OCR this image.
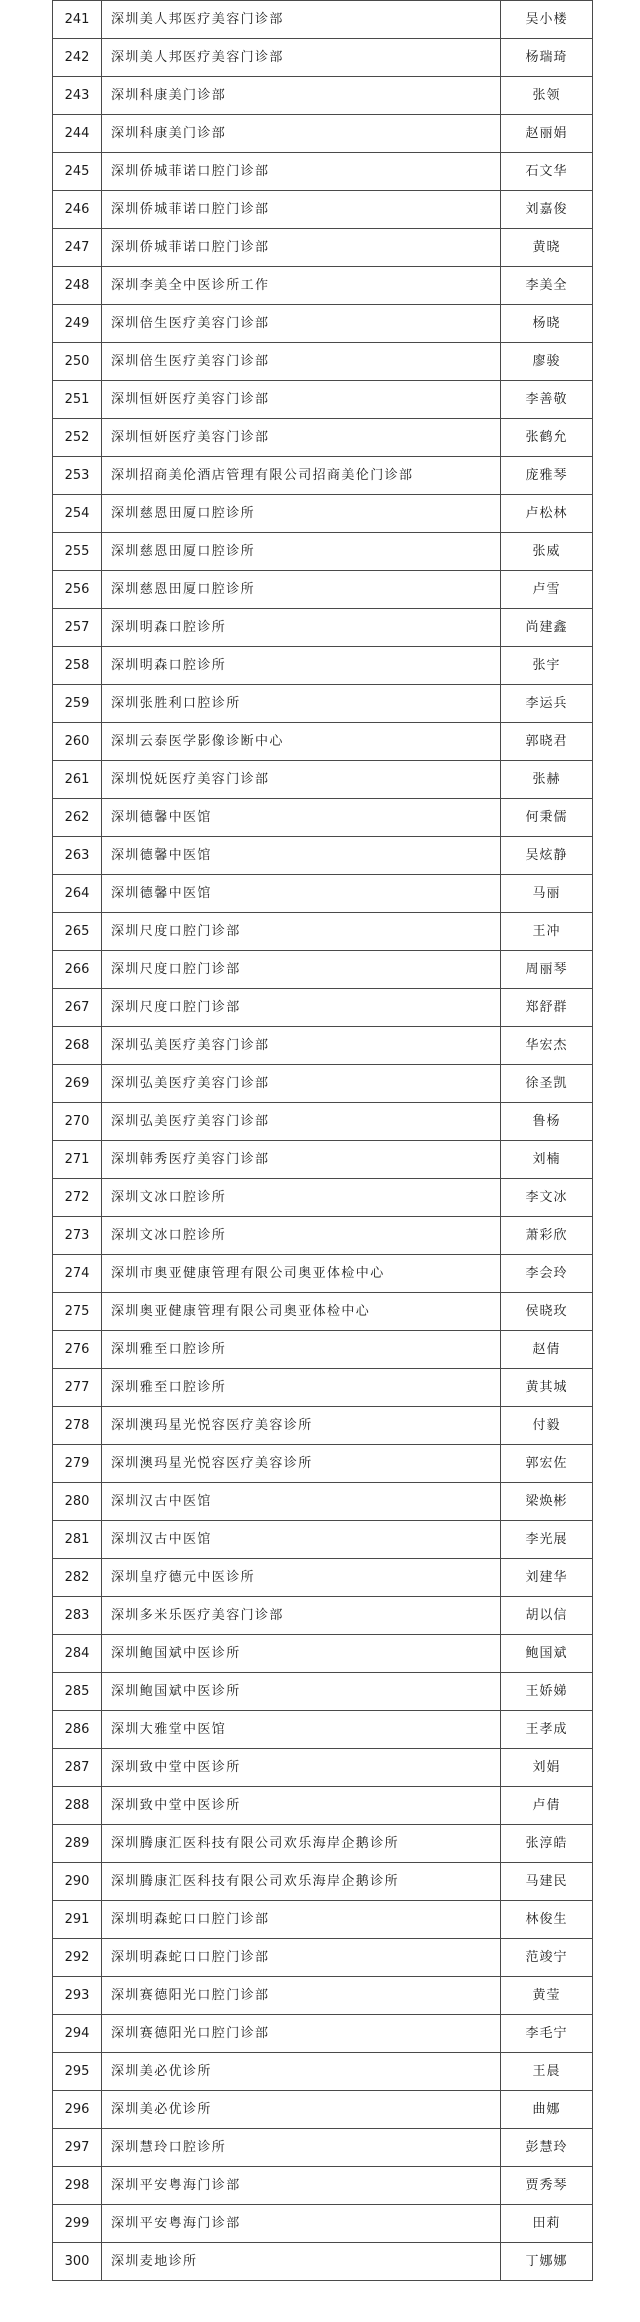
241	深圳美人邦医疗美容门诊部	吴小楼
242	深圳美人邦医疗美容门诊部	杨瑞琦
243	深圳科康美门诊部	张领
244	深圳科康美门诊部	赵丽娟
245	深圳侨城菲诺口腔门诊部	石文华
246	深圳侨城菲诺口腔门诊部	刘嘉俊
247	深圳侨城菲诺口腔门诊部	黄晓
248	深圳李美全中医诊所工作	李美全
249	深圳倍生医疗美容门诊部	杨晓
250	深圳倍生医疗美容门诊部	廖骏
251	深圳恒妍医疗美容门诊部	李善敬
252	深圳恒妍医疗美容门诊部	张鹤允
253	深圳招商美伦酒店管理有限公司招商美伦门诊部	庞雅琴
254	深圳慈恩田厦口腔诊所	卢松林
255	深圳慈恩田厦口腔诊所	张威
256	深圳慈恩田厦口腔诊所	卢雪
257	深圳明森口腔诊所	尚建鑫
258	深圳明森口腔诊所	张宇
259	深圳张胜利口腔诊所	李运兵
260	深圳云泰医学影像诊断中心	郭晓君
261	深圳悦妩医疗美容门诊部	张赫
262	深圳德馨中医馆	何秉儒
263	深圳德馨中医馆	吴炫静
264	深圳德馨中医馆	马丽
265	深圳尺度口腔门诊部	王冲
266	深圳尺度口腔门诊部	周丽琴
267	深圳尺度口腔门诊部	郑舒群
268	深圳弘美医疗美容门诊部	华宏杰
269	深圳弘美医疗美容门诊部	徐圣凯
270	深圳弘美医疗美容门诊部	鲁杨
271	深圳韩秀医疗美容门诊部	刘楠
272	深圳文冰口腔诊所	李文冰
273	深圳文冰口腔诊所	萧彩欣
274	深圳市奥亚健康管理有限公司奥亚体检中心	李会玲
275	深圳奥亚健康管理有限公司奥亚体检中心	侯晓玫
276	深圳雅至口腔诊所	赵倩
277	深圳雅至口腔诊所	黄其城
278	深圳澳玛星光悦容医疗美容诊所	付毅
279	深圳澳玛星光悦容医疗美容诊所	郭宏佐
280	深圳汉古中医馆	梁焕彬
281	深圳汉古中医馆	李光展
282	深圳皇疗德元中医诊所	刘建华
283	深圳多米乐医疗美容门诊部	胡以信
284	深圳鲍国斌中医诊所	鲍国斌
285	深圳鲍国斌中医诊所	王娇娣
286	深圳大雅堂中医馆	王孝成
287	深圳致中堂中医诊所	刘娟
288	深圳致中堂中医诊所	卢倩
289	深圳腾康汇医科技有限公司欢乐海岸企鹅诊所	张淳皓
290	深圳腾康汇医科技有限公司欢乐海岸企鹅诊所	马建民
291	深圳明森蛇口口腔门诊部	林俊生
292	深圳明森蛇口口腔门诊部	范竣宁
293	深圳赛德阳光口腔门诊部	黄莹
294	深圳赛德阳光口腔门诊部	李毛宁
295	深圳美必优诊所	王晨
296	深圳美必优诊所	曲娜
297	深圳慧玲口腔诊所	彭慧玲
298	深圳平安粤海门诊部	贾秀琴
299	深圳平安粤海门诊部	田莉
300	深圳麦地诊所	丁娜娜
